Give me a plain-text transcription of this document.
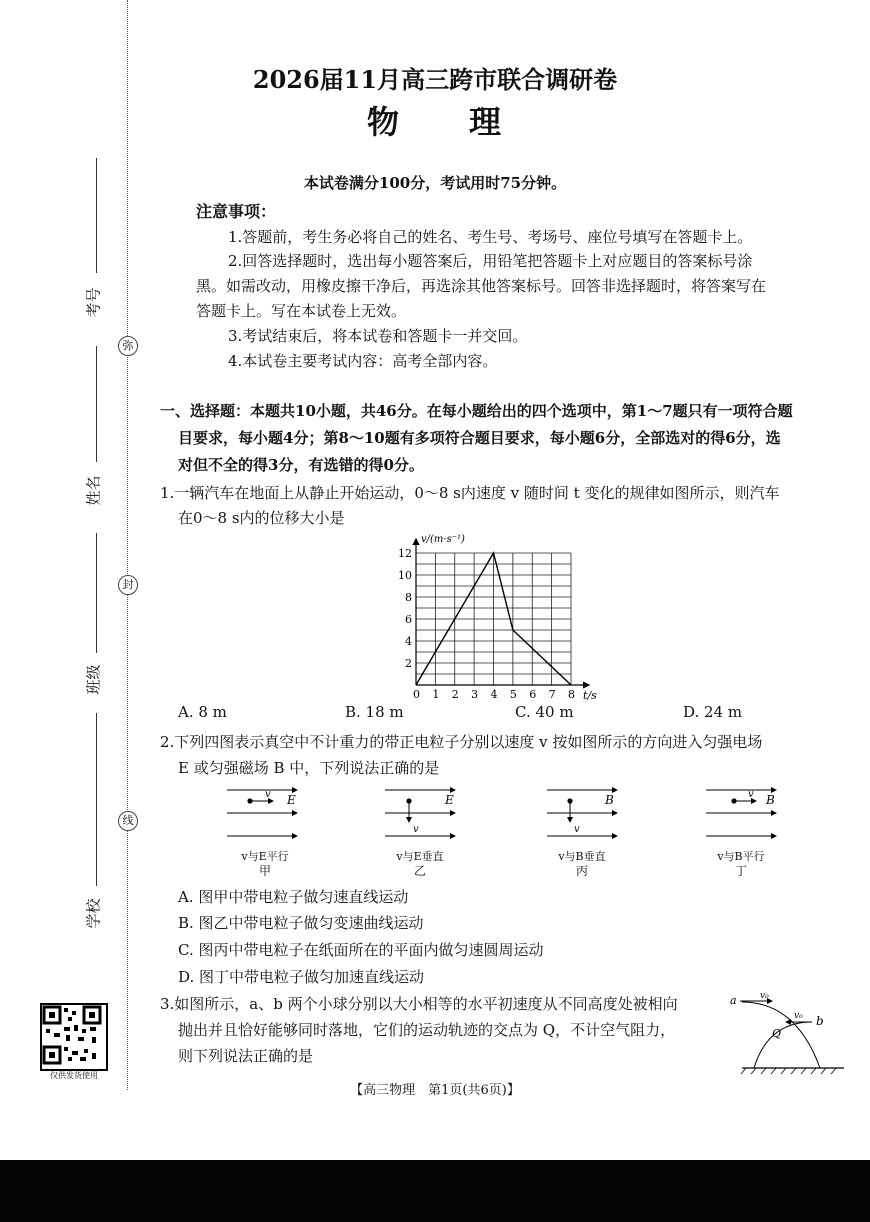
弥
封
线
考号
姓名
班级
学校
仅供发货使用
2026届11月高三跨市联合调研卷
物　　理
本试卷满分100分，考试用时75分钟。

注意事项：

1.答题前，考生务必将自己的姓名、考生号、考场号、座位号填写在答题卡上。

2.回答选择题时，选出每小题答案后，用铅笔把答题卡上对应题目的答案标号涂

黑。如需改动，用橡皮擦干净后，再选涂其他答案标号。回答非选择题时，将答案写在

答题卡上。写在本试卷上无效。

3.考试结束后，将本试卷和答题卡一并交回。

4.本试卷主要考试内容：高考全部内容。

一、选择题：本题共10小题，共46分。在每小题给出的四个选项中，第1～7题只有一项符合题

目要求，每小题4分；第8～10题有多项符合题目要求，每小题6分，全部选对的得6分，选

对但不全的得3分，有选错的得0分。

1.一辆汽车在地面上从静止开始运动，0～8 s内速度 v 随时间 t 变化的规律如图所示，则汽车

在0～8 s内的位移大小是

0 1 2 3 4 5 6 7 8
2
4
6
8
10
12
v/(m·s⁻¹)
t/s
A. 8 m	B. 18 m	C. 40 m	D. 24 m

2.下列四图表示真空中不计重力的带正电粒子分别以速度 v 按如图所示的方向进入匀强电场

E 或匀强磁场 B 中，下列说法正确的是

v E
v
E
v
B	v B
v与E平行
甲
v与E垂直
乙
v与B垂直
丙
v与B平行
丁

A. 图甲中带电粒子做匀速直线运动

B. 图乙中带电粒子做匀变速曲线运动

C. 图丙中带电粒子在纸面所在的平面内做匀速圆周运动

D. 图丁中带电粒子做匀加速直线运动

3.如图所示，a、b 两个小球分别以大小相等的水平初速度从不同高度处被相向

抛出并且恰好能够同时落地，它们的运动轨迹的交点为 Q，不计空气阻力，

则下列说法正确的是

a	v₀
b
v₀
Q
【高三物理　第1页(共6页)】
